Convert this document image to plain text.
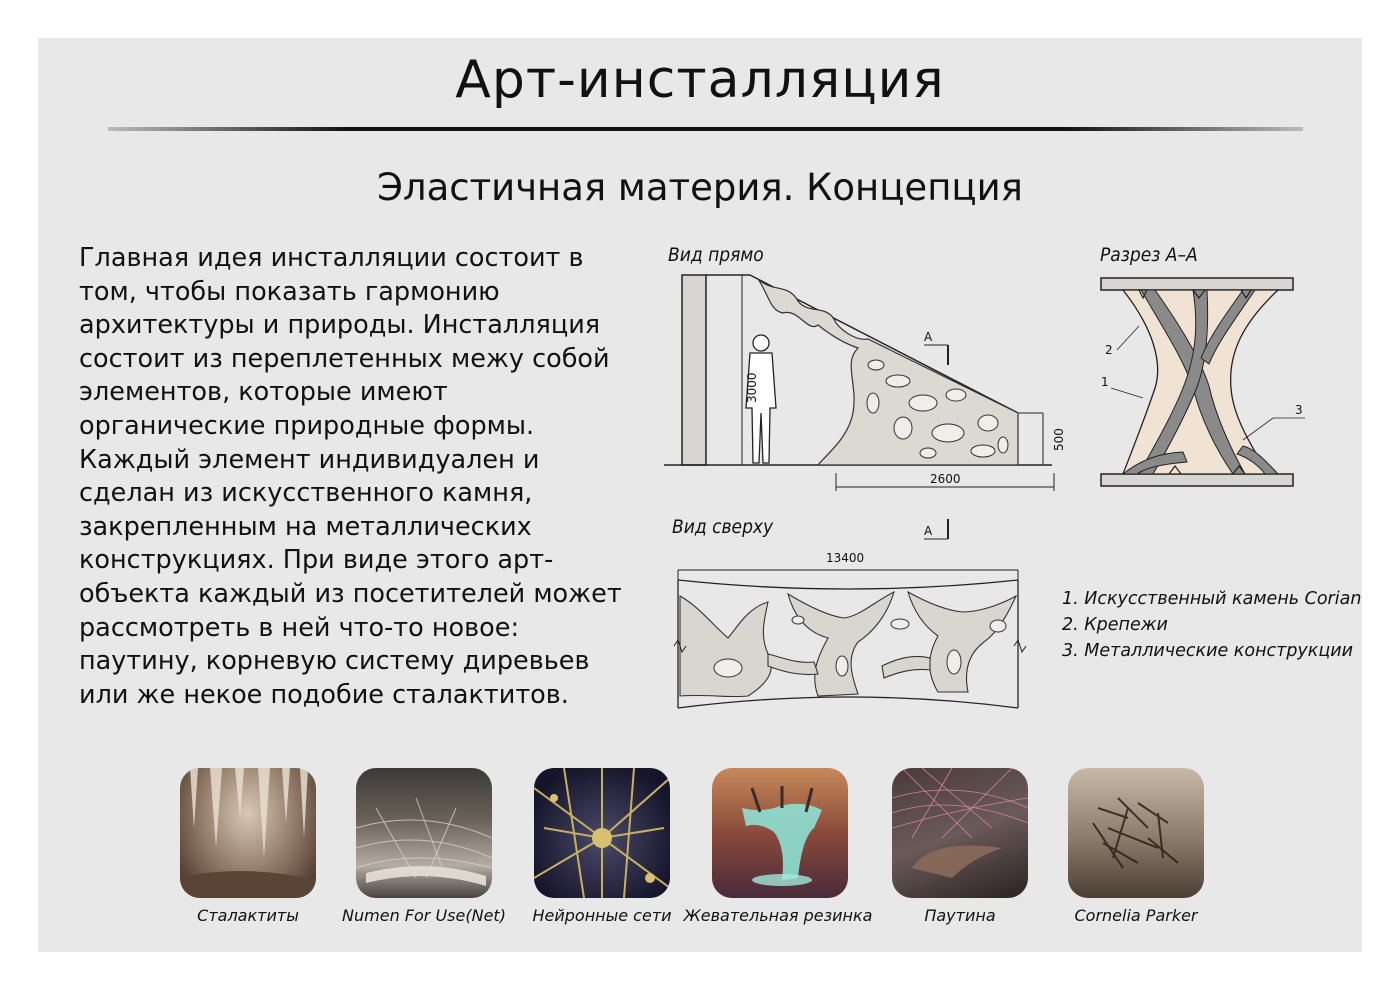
Арт-инсталляция
Эластичная материя. Концепция

Главная идея инсталляции состоит в том, чтобы показать гармонию архитектуры и природы. Инсталляция состоит из переплетенных межу собой элементов, которые имеют органические природные формы. Каждый элемент индивидуален и сделан из искусственного камня, закрепленным на металлических конструкциях. При виде этого арт-объекта каждый из посетителей может рассмотреть в ней что-то новое: паутину, корневую систему диревьев или же некое подобие сталактитов.

Вид прямо	Разрез А–А
Вид сверху
3000
500
2600
А
А
1
2
3
13400
1. Искусственный камень Corian
2. Крепежи
3. Металлические конструкции
Сталактиты	Numen For Use(Net)	Нейронные сети Жевательная резинка	Паутина	Cornelia Parker
